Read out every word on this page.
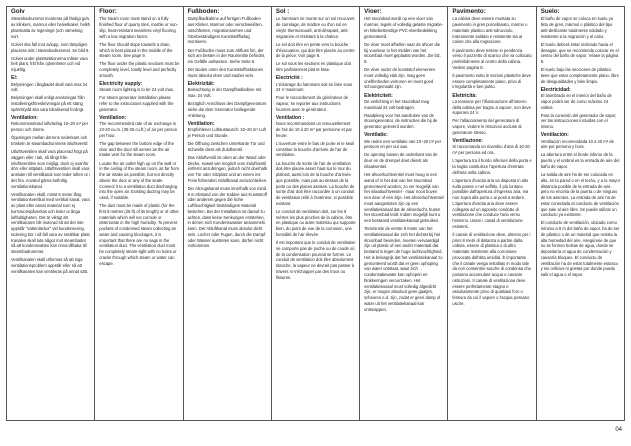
Golv
Steambadrummet monteras på färdigt golv av klinkers, marmor eller helvetkakel, helkh plastmatta av ingenings (och vämeköig sort.
Golvet ska fall mot avlopp, som lämpligen placeras mitt i steambadrummet. Se bild 8.
Golvet under plastsektionerna måste vara helt plant, fritt från ojämnheter och vid mjuktlig.
El:
Belysningen i ångbadet skall vara max 24 volt.
Belysningen skall enligt anvisningar från installeringsföreskrivningar på ett stäng spärrskydd ska vara lokaliserad fordrigt.
Ventilation:
Rekommenderad luftväxling 10–20 m³ per person och timme.
Öppningen mellan dörrens nederkant och tröskeln är steambadrummets inluftsventil.
Utluftsventilen skall vara placerad högt på väggen eller i tak, så långt från inluftsventilen som möjligt, dock ej ovanför dörr eller sittplats. Utluftsventilen skall vara ansluten till ventilkanal som leder luften ut i det fria. Använd gärna befintlig ventilationskanal.
Ventilkanalen skall, minst 8 meter lång ventilationsvertikal med vertikal kanal, vara av plast eller annat material som ej korrosionspåverkas och leder ut ånga luftfuktigheten. Det är viktigt att ventilkanalen blir isolerad så att det inte uppstår "vattenläckor" vid kondensering. Isolering bör i så fall vara av smältbar plast. Kanalen skall luta något mot steambadet så att kondensvatten kan rinna tillbaka till steambadrummet.
Ventilkanalen skall utformas så att inga ventilationsproblem uppstår eller så att ventilkanalen kan ventileras på annat sätt.
Floor:
The steam room must stand on a fully finished floor of quarry tiles, marble or non-slip, heat-resistant seamless vinyl flooring with a low migration factor.
The floor should slope towards a drain, which is best placed in the middle of the steam room. See page 9.
The floor under the plastic sections must be completely level, totally level and perfectly smooth.
Electricity supply:
Steam room lighting is to be 24 volt max.
For steam generator installation please refer to the instructions supplied with the generator.
Ventilation:
The recommended rate of air exchange is 10-20 cu.m. (35-26 cu.ft.) of air per person per hour.
The gap between the bottom edge of the door and the door sill serves as the air intake vent for the steam room.
Locate the air outlet high up on the wall or in the ceiling of the steam room, as far from the air intake as possible, but not directly above the door or any of the seats. Connect it to a ventilation duct discharging into the open air. Existing ducting may be used, if suitable.
The duct must be made of plastic (for the first 8 metres (26 ft) of its length) or of other materials which will not corrode or deteriorate in the high humidity. To prevent pockets of condensed steam collecting as water and causing blockages, it is important that there are no sags in the ventilation duct. The ventilation duct must be completely steam-tight with no holes or cracks through which steam or water can escape.
Fußboden:
Dampfbadkabine auf fertigen Fußboden aus Klinker, Marmor oder verschweißten, rutschfesten, migrationsarmen und hitzebeständigem Kunststoffbelag montieren.
Der Fußboden muss zum Abfluss hin, der sich am besten in der Raummitte befindet, ein Gefälle aufweisen. Siehe Seite 8.
Der Boden unter den Kunststoffsektionen muss absolut eben und sauber sein.
Elektrizität:
Beleuchtung in der Dampfbadkabine mit max. 24 Volt.
Bezüglich Anschluss des Dampfgenerators siehe die dem Generator beiliegende Anleitung.
Ventilation:
Empfohlener Luftaustausch: 10–20 m³ Luft je Person und Stunde.
Die Öffnung zwischen Unterkante Tür und Schwelle dient als Zuluftventil.
Das Abluftventil ist oben an der Wand oder Decke, soweit wie möglich vom Zuluftventil entfernt anzubringen, jedoch nicht oberhalb von Tür oder Sitzplatz und an einem ins Freie führenden Abluftkanal anzuschließen.
Der Abzugskanal muss innerhalb von mind. 8 m Abstand von der Kabine aus Kunststoff oder anderem gegen die hohe Luftfeuchtigkeit beständigem Material bestehen. Bei der Installation ist darauf zu achten, dass keine Senkungen entstehen, in denen sich Kondenswasser ansammeln kann. Der Abluftkanal muss absolut dicht sein. Löcher oder Fugen, durch die Dampf oder Wasser austreten kann, dürfen nicht vorkommen.
Sol :
Le hammam se monte sur un sol recouvert de carrelage, de marbre ou d'un sol en vinyle thermosoudé, anti-dérapant, anti-migratoire et résistant à la chaleur.
Le sol doit être en pente vers la bouche d'évacuation, qui doit être placée au centre de la pièce. Voir page 8.
Le sol sous les sections en plastique doit être parfaitement plat et lisse.
Electricité :
L'éclairage du hammam soit se faire sous 24 V maximum.
Pour le raccordement du générateur de vapeur, se reporter aux instructions fournies avec le générateur.
Ventilation :
Nous recommandons un renouvellement de l'air de 10 à 20 m³ par personne et par heure.
L'ouverture entre le bas de porte et le seuil constitue la bouche d'arrivée de l'air de ventilation.
La bouche de sortie de l'air de ventilation doit être placée assez haut sur le mur du plafond, aussi loin de la bouche d'arrivée que possible, mais pas au-dessus de la porte ou des places assises. La bouche de sortie d'air doit être raccordée à un conduit de ventilation relié à l'extérieur, si possible existant.
Le conduit de ventilation doit, sur les 8 mètres les plus proches de la cabine, être en plastique ou autre matériau qui supporte bien, du point de vue de la corrosion, une humidité de l'air élevée.
Il est important que le conduit de ventilation ne comporte pas de poche ou de coude où de la condensation pourrait se former. Le conduit de ventilation doit être absolument étanche, la vapeur ne devrait pas passer à travers ni s'échapper par des trous ou fissures.
Vloer:
Het stoombad wordt op een vloer van marmer, tegels of volledig gelaste migratie- en hittebestendige PVC-vloerbedekking gemonteerd.
De vloer moet afhellen naar de afvoer die bij voorkeur in het midden van het stoombad moet geplaatst worden. Zie blz. 8.
De vloer onder de kunststof elementen moet volledig vlak zijn, mag geen oneffenheden vertonen en moet goed schoongemaakt zijn.
Elektriciteit:
De verlichting in het stoombad mag maximaal 24 volt bedragen.
Raadpleeg voor het aansluiten van de stoomgenerator, de instructies die bij de generator geleverd worden.
Ventilatie:
We raden een ventilatie van 10–20 m³ per persoon en per uur aan.
De opening tussen de onderkant van de deur en de drempel doet dienst als inlaatventiel.
Het afvoerluchtventiel moet hoog in een wand of in het dak van het stoombad gemonteerd worden, zo ver mogelijk van het inlaatluchtventiel - maar nooit boven een deur of een zitje. Het afvoerluchtventiel moet aangesloten zijn op een ventilatiekanaal dat de afvoerlucht, buiten het stoombad leidt. Indien mogelijk kunt u een bestaand ventilatiekanaal gebruiken.
Temminste de eerste 8 meter van het ventilatiekanaal die zich het dichtst bij het stoombad bevinden, moeten vervaardigd zijn uit plastic of een ander materiaal dat bestand is tegen de hoge luchtvochtigheid. Het is belangrijk dat het ventilatiekanaal zo gemonteerd wordt dat er geen ophoping van water ontstaat, waar zich condensatiewater kan ophopen en blokkeringen veroorzaken. Het ventilatiekanaal moet volledig afgedicht zijn, er mogen absoluut geen gaatjes, scheuren e.d. zijn, zodat er geen damp of water uit het ventilatiekanaal kan ontsnappen.
Pavimento:
La cabina deve essere montata su pavimento in gres porcellanato, marmo o materiale plastico anti-sdrucciolo, interamente saldato e resistente sia al calore che alla migrazione.
Il pavimento deve essere in pendenza verso il pozzetto di scarico che va collocato preferibilmente al centro della cabina. Vedere pagina 8.
Il pavimento sotto le sezioni plastiche deve essere completamente piano, privo di irregolarità e ben pulito.
Elettricità:
La tensione per l'illuminazione all'interno della cabina per bagno a vapore, non deve superare 24 V.
Per l'allacciamento del generatore di vapore, vedere le istruzioni accluse al generatore stesso.
Ventilazione:
Si raccomanda un ricambio d'aria di 10-20 m³ per persona ed ora.
L'apertura tra il bordo inferiore della porta e la soglia costituisce l'apertura d'entrata dell'aria nella cabina.
L'apertura d'uscita aria va disposta in alto sulla parete o nel soffitto, il più lontano possibile dall'apertura d'ingresso aria, ma non sopra alla porta o ai posti a sedere. L'apertura d'uscita aria deve essere collegata ad un apposito condotto di ventilazione che conduce l'aria verso l'esterno. Usare i canali di ventilazione esistenti.
Il canale di ventilazione deve, almeno per i primi 8 metri di distanza a partire dalla cabina, essere di plastica o di altro materiale resistente alla corrosione provocata dall'alta umidità. È importante che il canale venga installato in modo tale da non consentire sacche di condensa che possano accumulare acqua e causare ostruzioni. Il canale di ventilazione deve essere perfettamente stagno e assolutamente privo di qualsiasi foro o fessura da cui il vapore o l'acqua possano uscire.
Suelo:
El baño de vapor se coloca en suelo ya listo de gres, mármol o plástico del tipo anti-deslizante totalmente soldado y resistente a la migración y al calor.
El suelo deberá estar inclinado hacia el desagüe, que se recomienda colocar en el centro del baño de vapor. Véase la página 8.
El suelo bajo las secciones de plástico tiene que estar completamente plano, libre de desigualdades y bien limpio.
Electricidad:
El alumbrado en el interior del baño de vapor podrá ser de como máximo 24 voltios.
Para la conexión del generador de vapor, ver las instrucciones incluidas con el mismo.
Ventilación:
Ventilación recomendada 10 a 20 m³ de aire por persona y hora.
La abertura entre el borde inferior de la puerta y el umbral es la entrada de aire del baño de vapor.
La salida de aire ha de ser colocada en alto, en la pared o en el techo, y a la mayor distancia posible de la entrada de aire, pero no encima de la puerta o de ninguno de los asientos. La entrada de aire ha de estar conectada al conducto de ventilación que sale al aire libre. Se puede utilizar un conducto ya existente.
El conducto de ventilación, ubicado como mínimo a 8 m del baño de vapor, ha de ser de plástico o de un material que resista la alta humedad del aire. Asegúrese de que no se formen bolsas de agua, donde se depositaría el agua de condensación y causaría bloqueo. El conducto de ventilación ha de estar totalmente estanco y sin orificios ni grietas por donde pueda salir el agua o el vapor.
04
